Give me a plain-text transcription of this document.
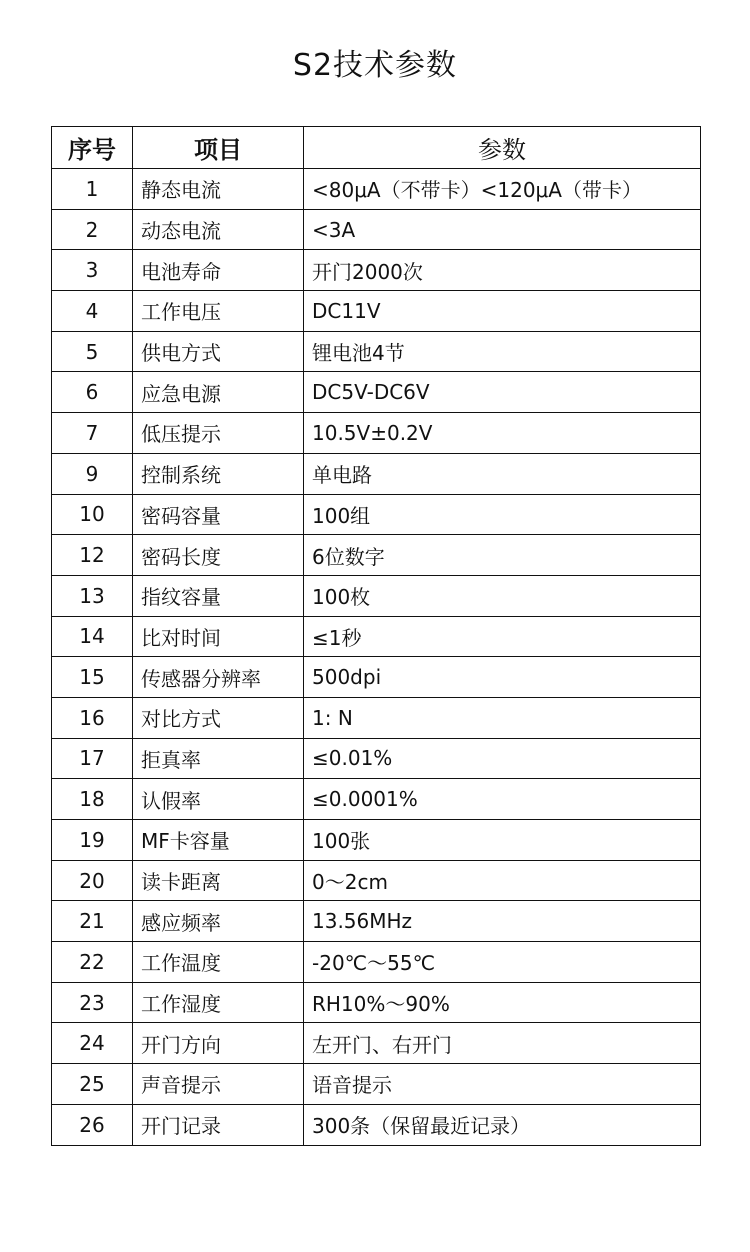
S2技术参数
序号	项目	参数
1	静态电流	<80μA（不带卡）<120μA（带卡）
2	动态电流	<3A
3	电池寿命	开门2000次
4	工作电压	DC11V
5	供电方式	锂电池4节
6	应急电源	DC5V-DC6V
7	低压提示	10.5V±0.2V
9	控制系统	单电路
10	密码容量	100组
12	密码长度	6位数字
13	指纹容量	100枚
14	比对时间	≤1秒
15	传感器分辨率	500dpi
16	对比方式	1: N
17	拒真率	≤0.01%
18	认假率	≤0.0001%
19	MF卡容量	100张
20	读卡距离	0～2cm
21	感应频率	13.56MHz
22	工作温度	-20℃～55℃
23	工作湿度	RH10%～90%
24	开门方向	左开门、右开门
25	声音提示	语音提示
26	开门记录	300条（保留最近记录）
